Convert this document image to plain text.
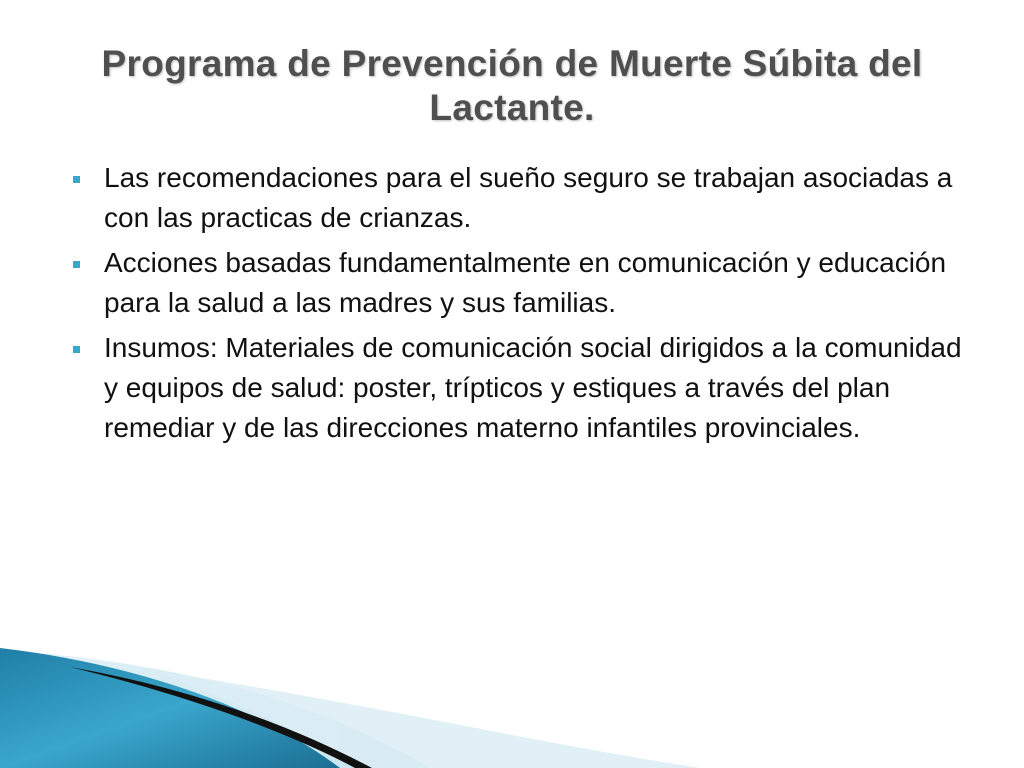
Programa de Prevención de Muerte Súbita del Lactante.
Las recomendaciones para el sueño seguro se trabajan asociadas a con las practicas de crianzas.
Acciones basadas fundamentalmente en comunicación y educación para la salud a las madres y sus familias.
Insumos: Materiales de comunicación social dirigidos a la comunidad y equipos de salud: poster, trípticos y estiques a través del plan remediar y de las direcciones materno infantiles provinciales.
